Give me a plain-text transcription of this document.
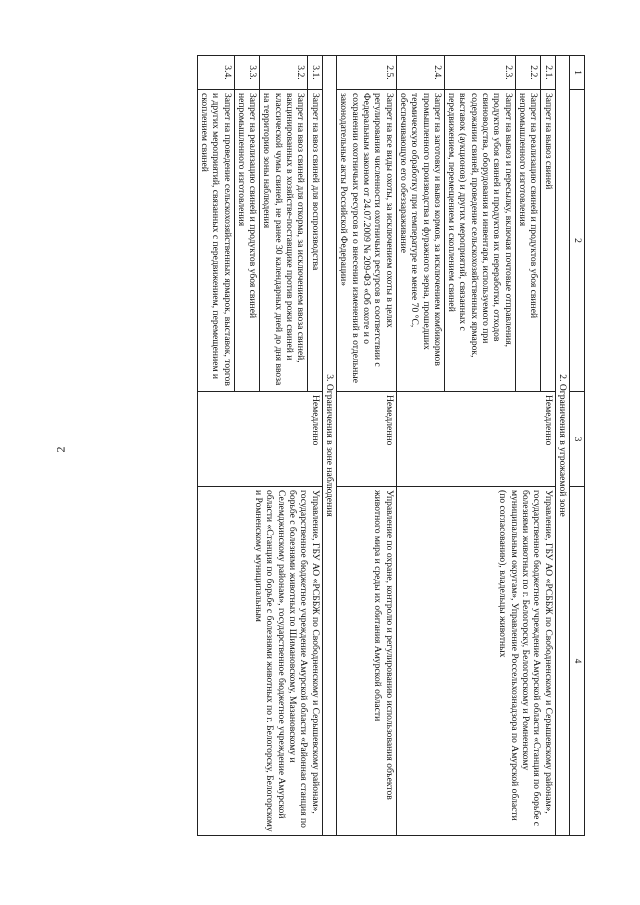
2
1	2	3	4
2. Ограничения в угрожаемой зоне			
2.1.	Запрет на вывоз свиней	Немедленно	Управление, ГБУ АО «РСББЖ по Свободненскому и Серышевскому районам», государственное бюджетное учреждение Амурской области «Станция по борьбе с болезнями животных по г. Белогорску, Белогорскому и Ромненскому муниципальным округам», Управление Россельхознадзора по Амурской области (по согласованию), владельцы животных
2.2.	Запрет на реализацию свиней и продуктов убоя свиней непромышленного изготовления		
2.3.	Запрет на вывоз и пересылку, включая почтовые отправления, продуктов убоя свиней и продуктов их переработки, отходов свиноводства, оборудования и инвентаря, используемого при содержании свиней, проведение сельскохозяйственных ярмарок, выставок (аукционов) и других мероприятий, связанных с передвижением, перемещением и скоплением свиней		
2.4.	Запрет на заготовку и вывоз кормов, за исключением комбикормов промышленного производства и фуражного зерна, прошедших термическую обработку при температуре не менее 70 °С, обеспечивающую его обеззараживание		
2.5.	Запрет на все виды охоты, за исключением охоты в целях регулирования численности охотничьих ресурсов в соответствии с Федеральным законом от 24.07.2009 № 209-ФЗ «Об охоте и о сохранении охотничьих ресурсов и о внесении изменений в отдельные законодательные акты Российской Федерации»	Немедленно	Управление по охране, контролю и регулированию использования объектов животного мира и среды их обитания Амурской области
3. Ограничения в зоне наблюдения			
3.1.	Запрет на ввоз свиней для воспроизводства	Немедленно	Управление, ГБУ АО «РСББЖ по Свободненскому и Серышевскому районам», государственное бюджетное учреждение Амурской области «Районная станция по борьбе с болезнями животных по Шимановскому, Мазановскому и Селемджинскому районам», государственное бюджетное учреждение Амурской области «Станция по борьбе с болезнями животных по г. Белогорску, Белогорскому и Ромненскому муниципальным
3.2.	Запрет на ввоз свиней для откорма, за исключением ввоза свиней, вакцинированных в хозяйстве-поставщике против рожи свиней и классической чумы свиней, не ранее 30 календарных дней до дня ввоза на территорию зоны наблюдения		
3.3.	Запрет на реализацию свиней и продуктов убоя свиней непромышленного изготовления		
3.4.	Запрет на проведение сельскохозяйственных ярмарок, выставок, торгов и других мероприятий, связанных с передвижением, перемещением и скоплением свиней		
